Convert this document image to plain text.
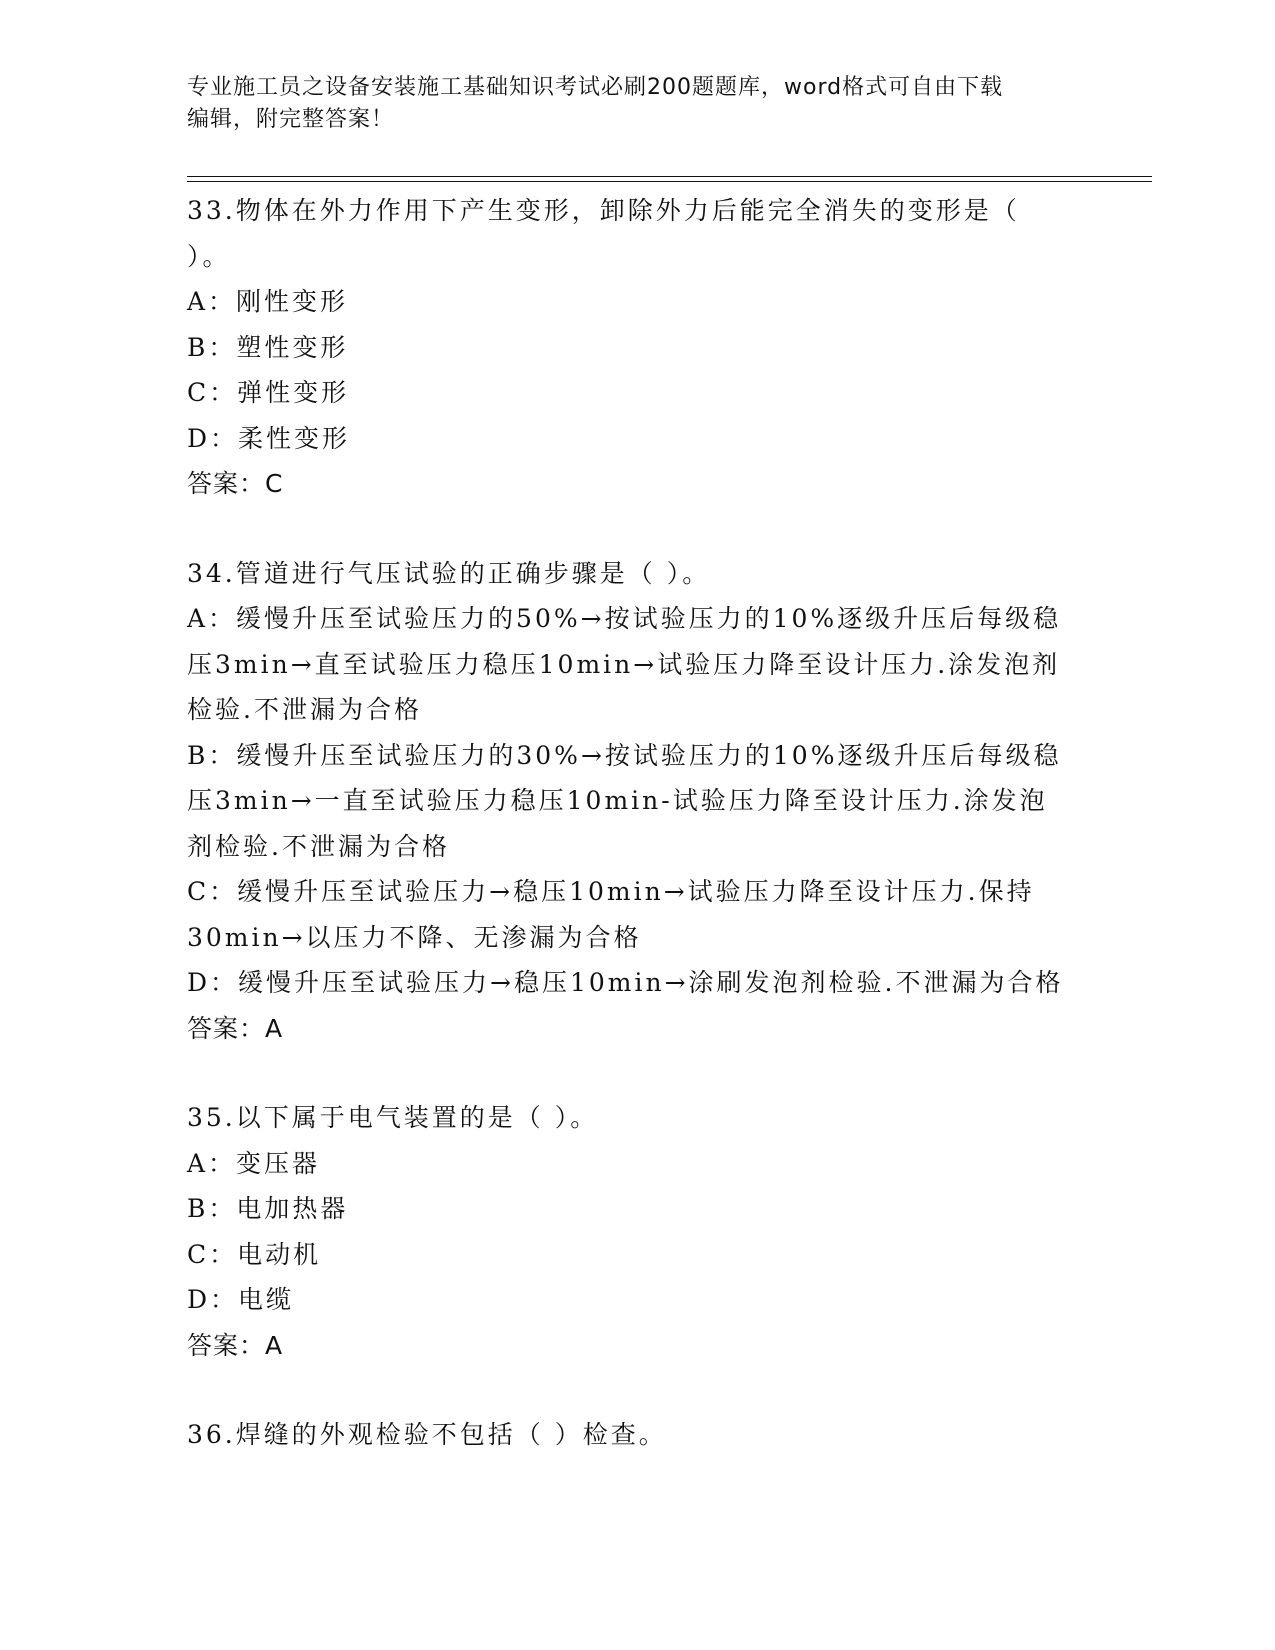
专业施工员之设备安装施工基础知识考试必刷200题题库，word格式可自由下载
编辑，附完整答案！

33.物体在外力作用下产生变形，卸除外力后能完全消失的变形是（

）。

A：刚性变形

B：塑性变形

C：弹性变形

D：柔性变形

答案：C

34.管道进行气压试验的正确步骤是（ ）。

A：缓慢升压至试验压力的50%→按试验压力的10%逐级升压后每级稳

压3min→直至试验压力稳压10min→试验压力降至设计压力.涂发泡剂

检验.不泄漏为合格

B：缓慢升压至试验压力的30%→按试验压力的10%逐级升压后每级稳

压3min→一直至试验压力稳压10min-试验压力降至设计压力.涂发泡

剂检验.不泄漏为合格

C：缓慢升压至试验压力→稳压10min→试验压力降至设计压力.保持

30min→以压力不降、无渗漏为合格

D：缓慢升压至试验压力→稳压10min→涂刷发泡剂检验.不泄漏为合格

答案：A

35.以下属于电气装置的是（ ）。

A：变压器

B：电加热器

C：电动机

D：电缆

答案：A

36.焊缝的外观检验不包括（ ）检查。
